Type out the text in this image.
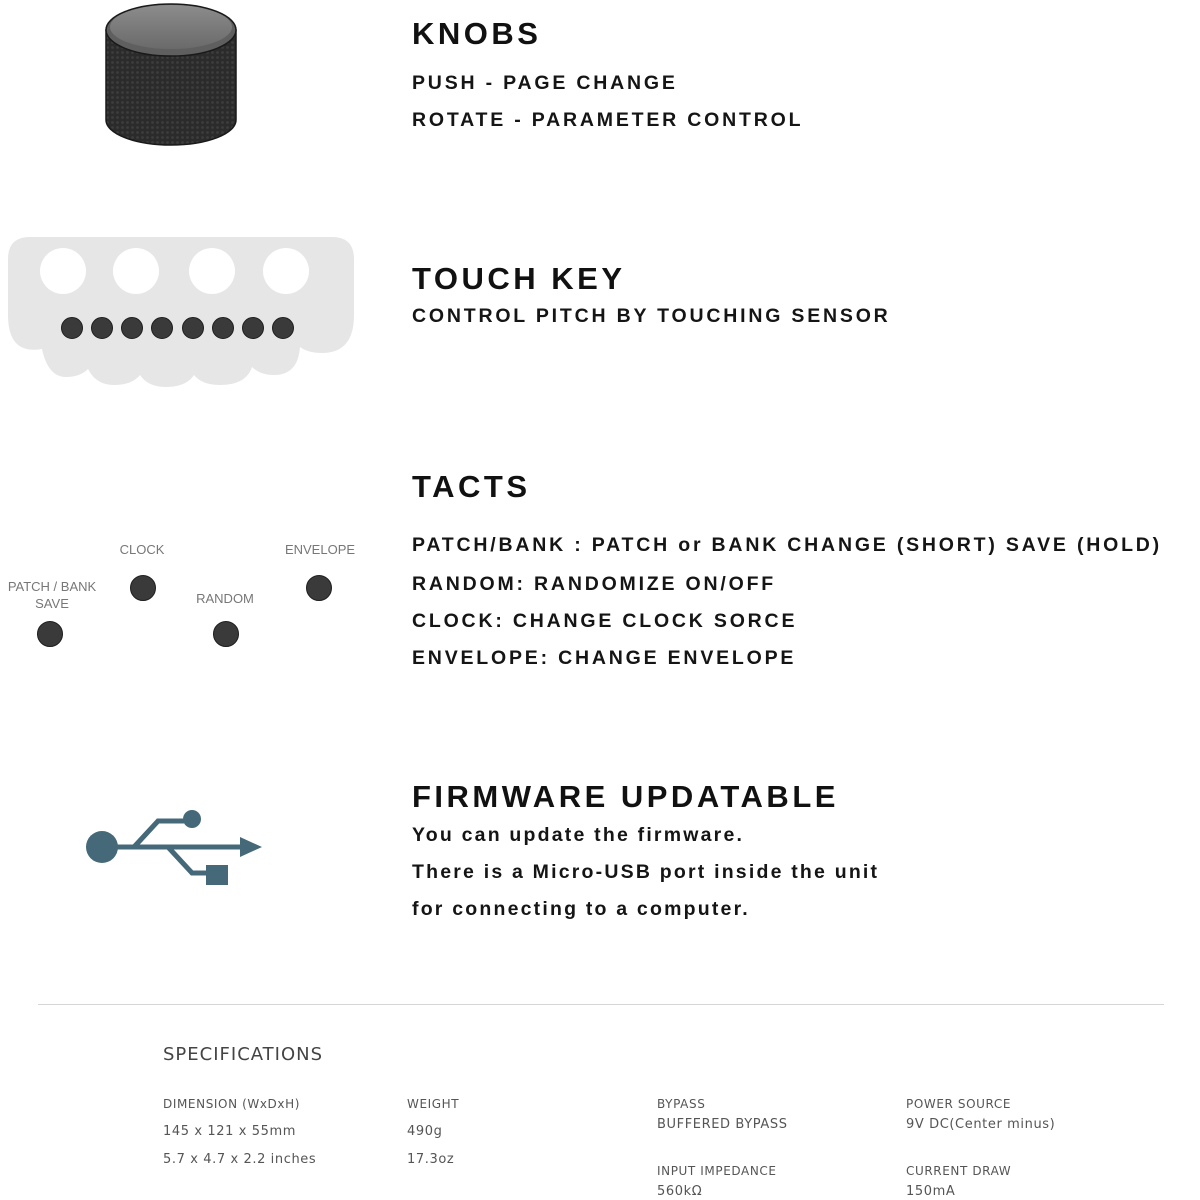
KNOBS

PUSH - PAGE CHANGE

ROTATE - PARAMETER CONTROL

TOUCH KEY

CONTROL PITCH BY TOUCHING SENSOR

PATCH / BANK
SAVE
CLOCK
RANDOM
ENVELOPE
TACTS

PATCH/BANK : PATCH or BANK CHANGE (SHORT) SAVE (HOLD)

RANDOM: RANDOMIZE ON/OFF

CLOCK: CHANGE CLOCK SORCE

ENVELOPE: CHANGE ENVELOPE

FIRMWARE UPDATABLE

You can update the firmware.

There is a Micro-USB port inside the unit

for connecting to a computer.

SPECIFICATIONS
DIMENSION (WxDxH)
145 x 121 x 55mm
5.7 x 4.7 x 2.2 inches
WEIGHT
490g
17.3oz
BYPASS
BUFFERED BYPASS
INPUT IMPEDANCE
560kΩ
POWER SOURCE
9V DC(Center minus)
CURRENT DRAW
150mA
